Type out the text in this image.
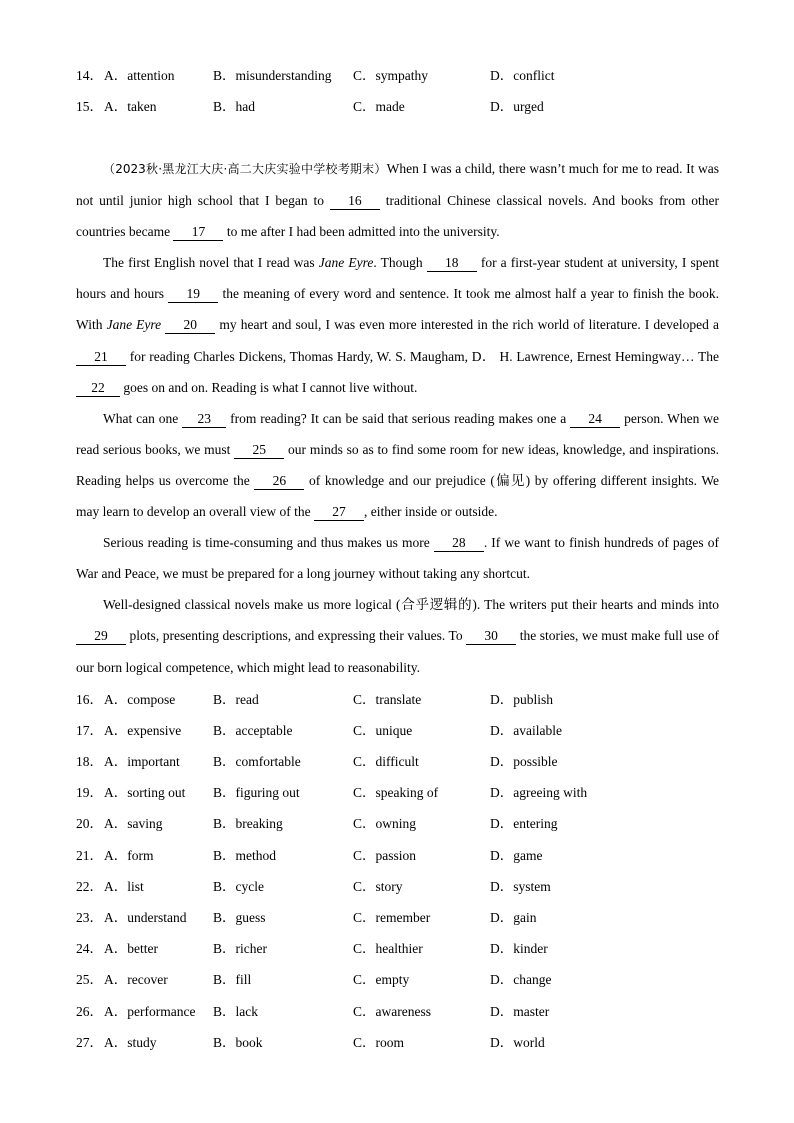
14． A．attention	B．misunderstanding C．sympathy	D．conflict
15． A．taken	B．had	C．made	D．urged

（2023秋·黑龙江大庆·高二大庆实验中学校考期末）When I was a child, there wasn’t much for me to read. It was not until junior high school that I began to 16 traditional Chinese classical novels. And books from other countries became 17 to me after I had been admitted into the university.

The first English novel that I read was Jane Eyre. Though 18 for a first-year student at university, I spent hours and hours 19 the meaning of every word and sentence. It took me almost half a year to finish the book. With Jane Eyre 20 my heart and soul, I was even more interested in the rich world of literature. I developed a 21 for reading Charles Dickens, Thomas Hardy, W. S. Maugham, D． H. Lawrence, Ernest Hemingway… The 22 goes on and on. Reading is what I cannot live without.

What can one 23 from reading? It can be said that serious reading makes one a 24 person. When we read serious books, we must 25 our minds so as to find some room for new ideas, knowledge, and inspirations. Reading helps us overcome the 26 of knowledge and our prejudice (偏见) by offering different insights. We may learn to develop an overall view of the 27 , either inside or outside.

Serious reading is time-consuming and thus makes us more 28 . If we want to finish hundreds of pages of War and Peace, we must be prepared for a long journey without taking any shortcut.

Well-designed classical novels make us more logical (合乎逻辑的). The writers put their hearts and minds into 29 plots, presenting descriptions, and expressing their values. To 30 the stories, we must make full use of our born logical competence, which might lead to reasonability.

16． A．compose	B．read	C．translate	D．publish
17． A．expensive B．acceptable	C．unique	D．available
18． A．important B．comfortable	C．difficult	D．possible
19． A．sorting out B．figuring out	C．speaking of	D．agreeing with
20． A．saving	B．breaking	C．owning	D．entering
21． A．form	B．method	C．passion	D．game
22． A．list	B．cycle	C．story	D．system
23． A．understand B．guess	C．remember	D．gain
24． A．better	B．richer	C．healthier	D．kinder
25． A．recover	B．fill	C．empty	D．change
26． A．performance B．lack	C．awareness	D．master
27． A．study	B．book	C．room	D．world
